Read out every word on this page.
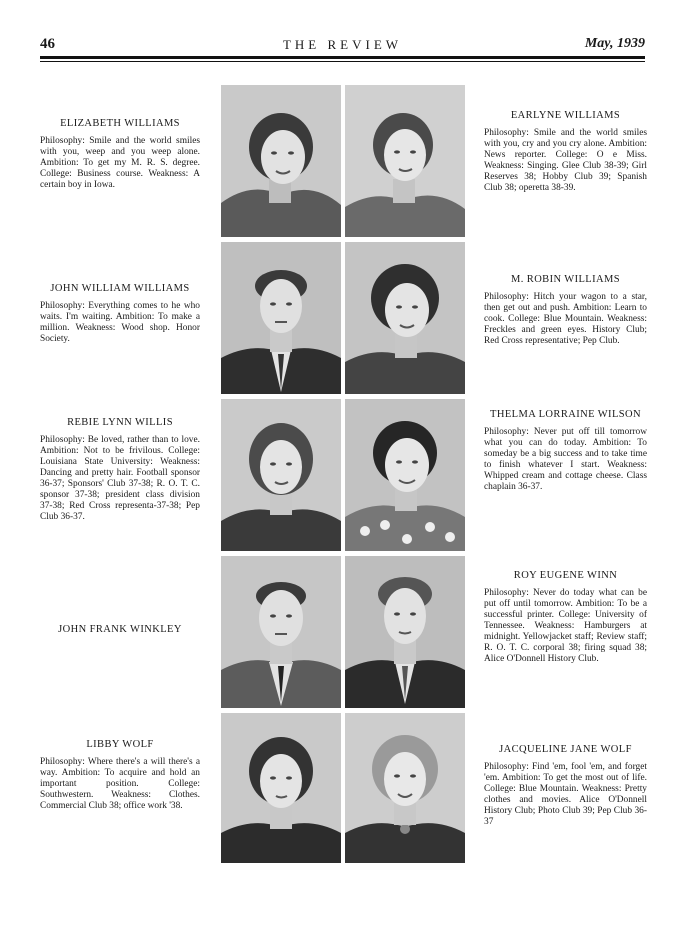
46	THE REVIEW	May, 1939

ELIZABETH WILLIAMS

Philosophy: Smile and the world smiles with you, weep and you weep alone. Ambition: To get my M. R. S. degree. College: Business course. Weakness: A certain boy in Iowa.

JOHN WILLIAM WILLIAMS

Philosophy: Everything comes to he who waits. I'm waiting. Ambition: To make a million. Weakness: Wood shop. Honor Society.

REBIE LYNN WILLIS

Philosophy: Be loved, rather than to love. Ambition: Not to be frivilous. College: Louisiana State University: Weakness: Dancing and pretty hair. Football sponsor 36-37; Sponsors' Club 37-38; R. O. T. C. sponsor 37-38; president class division 37-38; Red Cross representa-37-38; Pep Club 36-37.

JOHN FRANK WINKLEY

LIBBY WOLF

Philosophy: Where there's a will there's a way. Ambition: To acquire and hold an important position. College: Southwestern. Weakness: Clothes. Commercial Club 38; office work '38.

EARLYNE WILLIAMS

Philosophy: Smile and the world smiles with you, cry and you cry alone. Ambition: News reporter. College: O e Miss. Weakness: Singing. Glee Club 38-39; Girl Reserves 38; Hobby Club 39; Spanish Club 38; operetta 38-39.

M. ROBIN WILLIAMS

Philosophy: Hitch your wagon to a star, then get out and push. Ambition: Learn to cook. College: Blue Mountain. Weakness: Freckles and green eyes. History Club; Red Cross representative; Pep Club.

THELMA LORRAINE WILSON

Philosophy: Never put off till tomorrow what you can do today. Ambition: To someday be a big success and to take time to finish whatever I start. Weakness: Whipped cream and cottage cheese. Class chaplain 36-37.

ROY EUGENE WINN

Philosophy: Never do today what can be put off until tomorrow. Ambition: To be a successful printer. College: University of Tennessee. Weakness: Hamburgers at midnight. Yellowjacket staff; Review staff; R. O. T. C. corporal 38; firing squad 38; Alice O'Donnell History Club.

JACQUELINE JANE WOLF

Philosophy: Find 'em, fool 'em, and forget 'em. Ambition: To get the most out of life. College: Blue Mountain. Weakness: Pretty clothes and movies. Alice O'Donnell History Club; Photo Club 39; Pep Club 36-37
